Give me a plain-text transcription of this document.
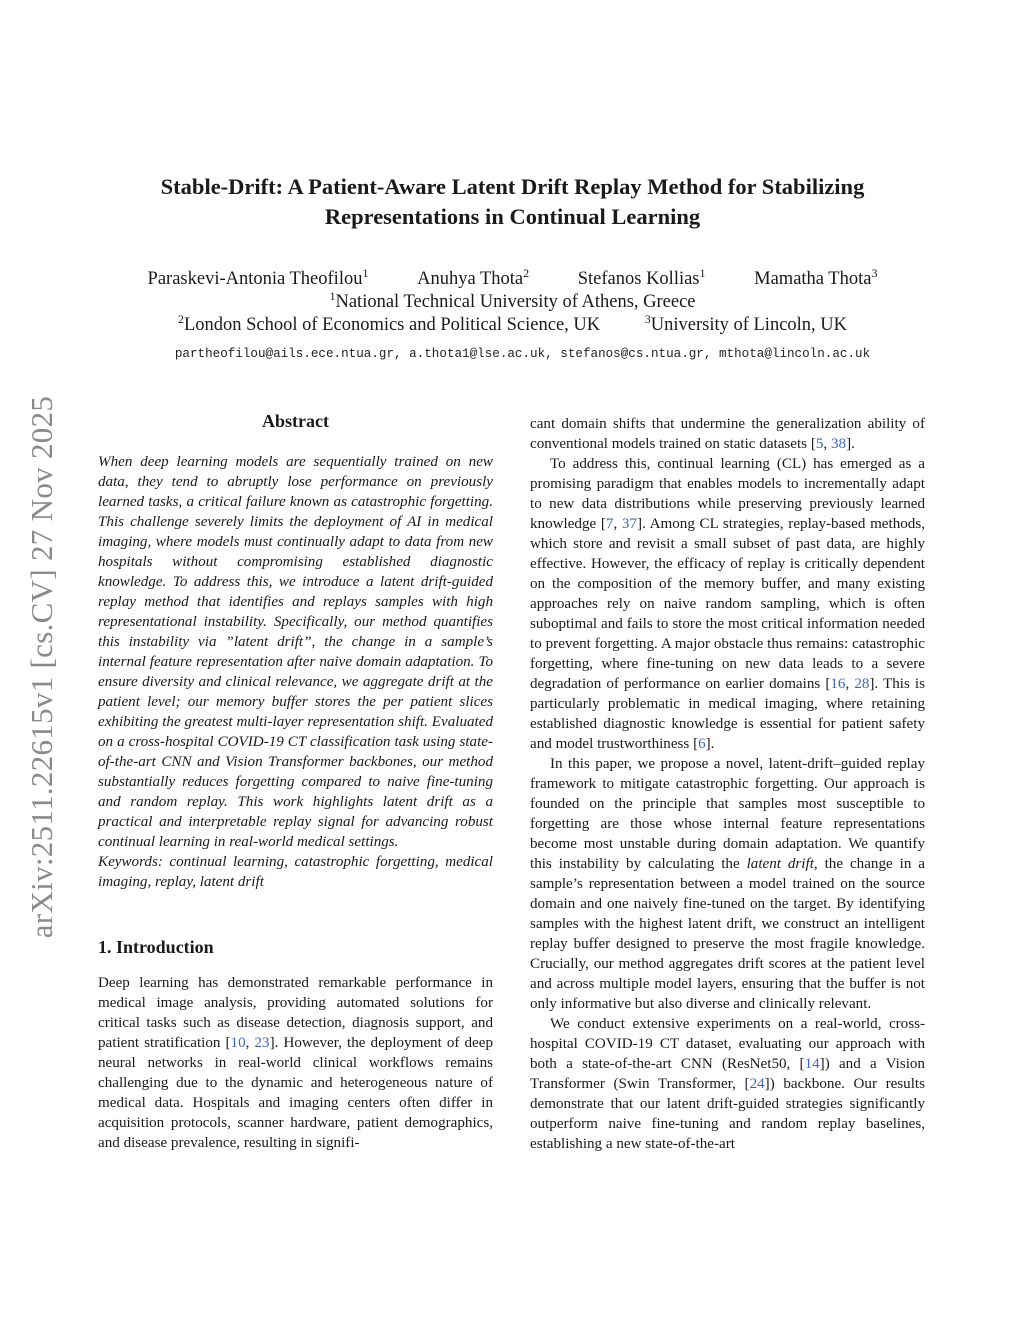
arXiv:2511.22615v1 [cs.CV] 27 Nov 2025
Stable-Drift: A Patient-Aware Latent Drift Replay Method for Stabilizing
Representations in Continual Learning
Paraskevi-Antonia Theofilou$^1$	Anuhya Thota$^2$	Stefanos Kollias$^1$	Mamatha Thota$^3$
$^1$National Technical University of Athens, Greece
$^2$London School of Economics and Political Science, UK	$^3$University of Lincoln, UK
partheofilou@ails.ece.ntua.gr, a.thota1@lse.ac.uk, stefanos@cs.ntua.gr, mthota@lincoln.ac.uk
Abstract

When deep learning models are sequentially trained on new data, they tend to abruptly lose performance on previously learned tasks, a critical failure known as catastrophic forgetting. This challenge severely limits the deployment of AI in medical imaging, where models must continually adapt to data from new hospitals without compromising established diagnostic knowledge. To address this, we introduce a latent drift-guided replay method that identifies and replays samples with high representational instability. Specifically, our method quantifies this instability via ”latent drift”, the change in a sample’s internal feature representation after naive domain adaptation. To ensure diversity and clinical relevance, we aggregate drift at the patient level; our memory buffer stores the per patient slices exhibiting the greatest multi-layer representation shift. Evaluated on a cross-hospital COVID-19 CT classification task using state-of-the-art CNN and Vision Transformer backbones, our method substantially reduces forgetting compared to naive fine-tuning and random replay. This work highlights latent drift as a practical and interpretable replay signal for advancing robust continual learning in real-world medical settings.

Keywords: continual learning, catastrophic forgetting, medical imaging, replay, latent drift

1. Introduction

Deep learning has demonstrated remarkable performance in medical image analysis, providing automated solutions for critical tasks such as disease detection, diagnosis support, and patient stratification [10, 23]. However, the deployment of deep neural networks in real-world clinical workflows remains challenging due to the dynamic and heterogeneous nature of medical data. Hospitals and imaging centers often differ in acquisition protocols, scanner hardware, patient demographics, and disease prevalence, resulting in signifi-

cant domain shifts that undermine the generalization ability of conventional models trained on static datasets [5, 38].

To address this, continual learning (CL) has emerged as a promising paradigm that enables models to incrementally adapt to new data distributions while preserving previously learned knowledge [7, 37]. Among CL strategies, replay-based methods, which store and revisit a small subset of past data, are highly effective. However, the efficacy of replay is critically dependent on the composition of the memory buffer, and many existing approaches rely on naive random sampling, which is often suboptimal and fails to store the most critical information needed to prevent forgetting. A major obstacle thus remains: catastrophic forgetting, where fine-tuning on new data leads to a severe degradation of performance on earlier domains [16, 28]. This is particularly problematic in medical imaging, where retaining established diagnostic knowledge is essential for patient safety and model trustworthiness [6].

In this paper, we propose a novel, latent-drift–guided replay framework to mitigate catastrophic forgetting. Our approach is founded on the principle that samples most susceptible to forgetting are those whose internal feature representations become most unstable during domain adaptation. We quantify this instability by calculating the latent drift, the change in a sample’s representation between a model trained on the source domain and one naively fine-tuned on the target. By identifying samples with the highest latent drift, we construct an intelligent replay buffer designed to preserve the most fragile knowledge. Crucially, our method aggregates drift scores at the patient level and across multiple model layers, ensuring that the buffer is not only informative but also diverse and clinically relevant.

We conduct extensive experiments on a real-world, cross-hospital COVID-19 CT dataset, evaluating our approach with both a state-of-the-art CNN (ResNet50, [14]) and a Vision Transformer (Swin Transformer, [24]) backbone. Our results demonstrate that our latent drift-guided strategies significantly outperform naive fine-tuning and random replay baselines, establishing a new state-of-the-art
